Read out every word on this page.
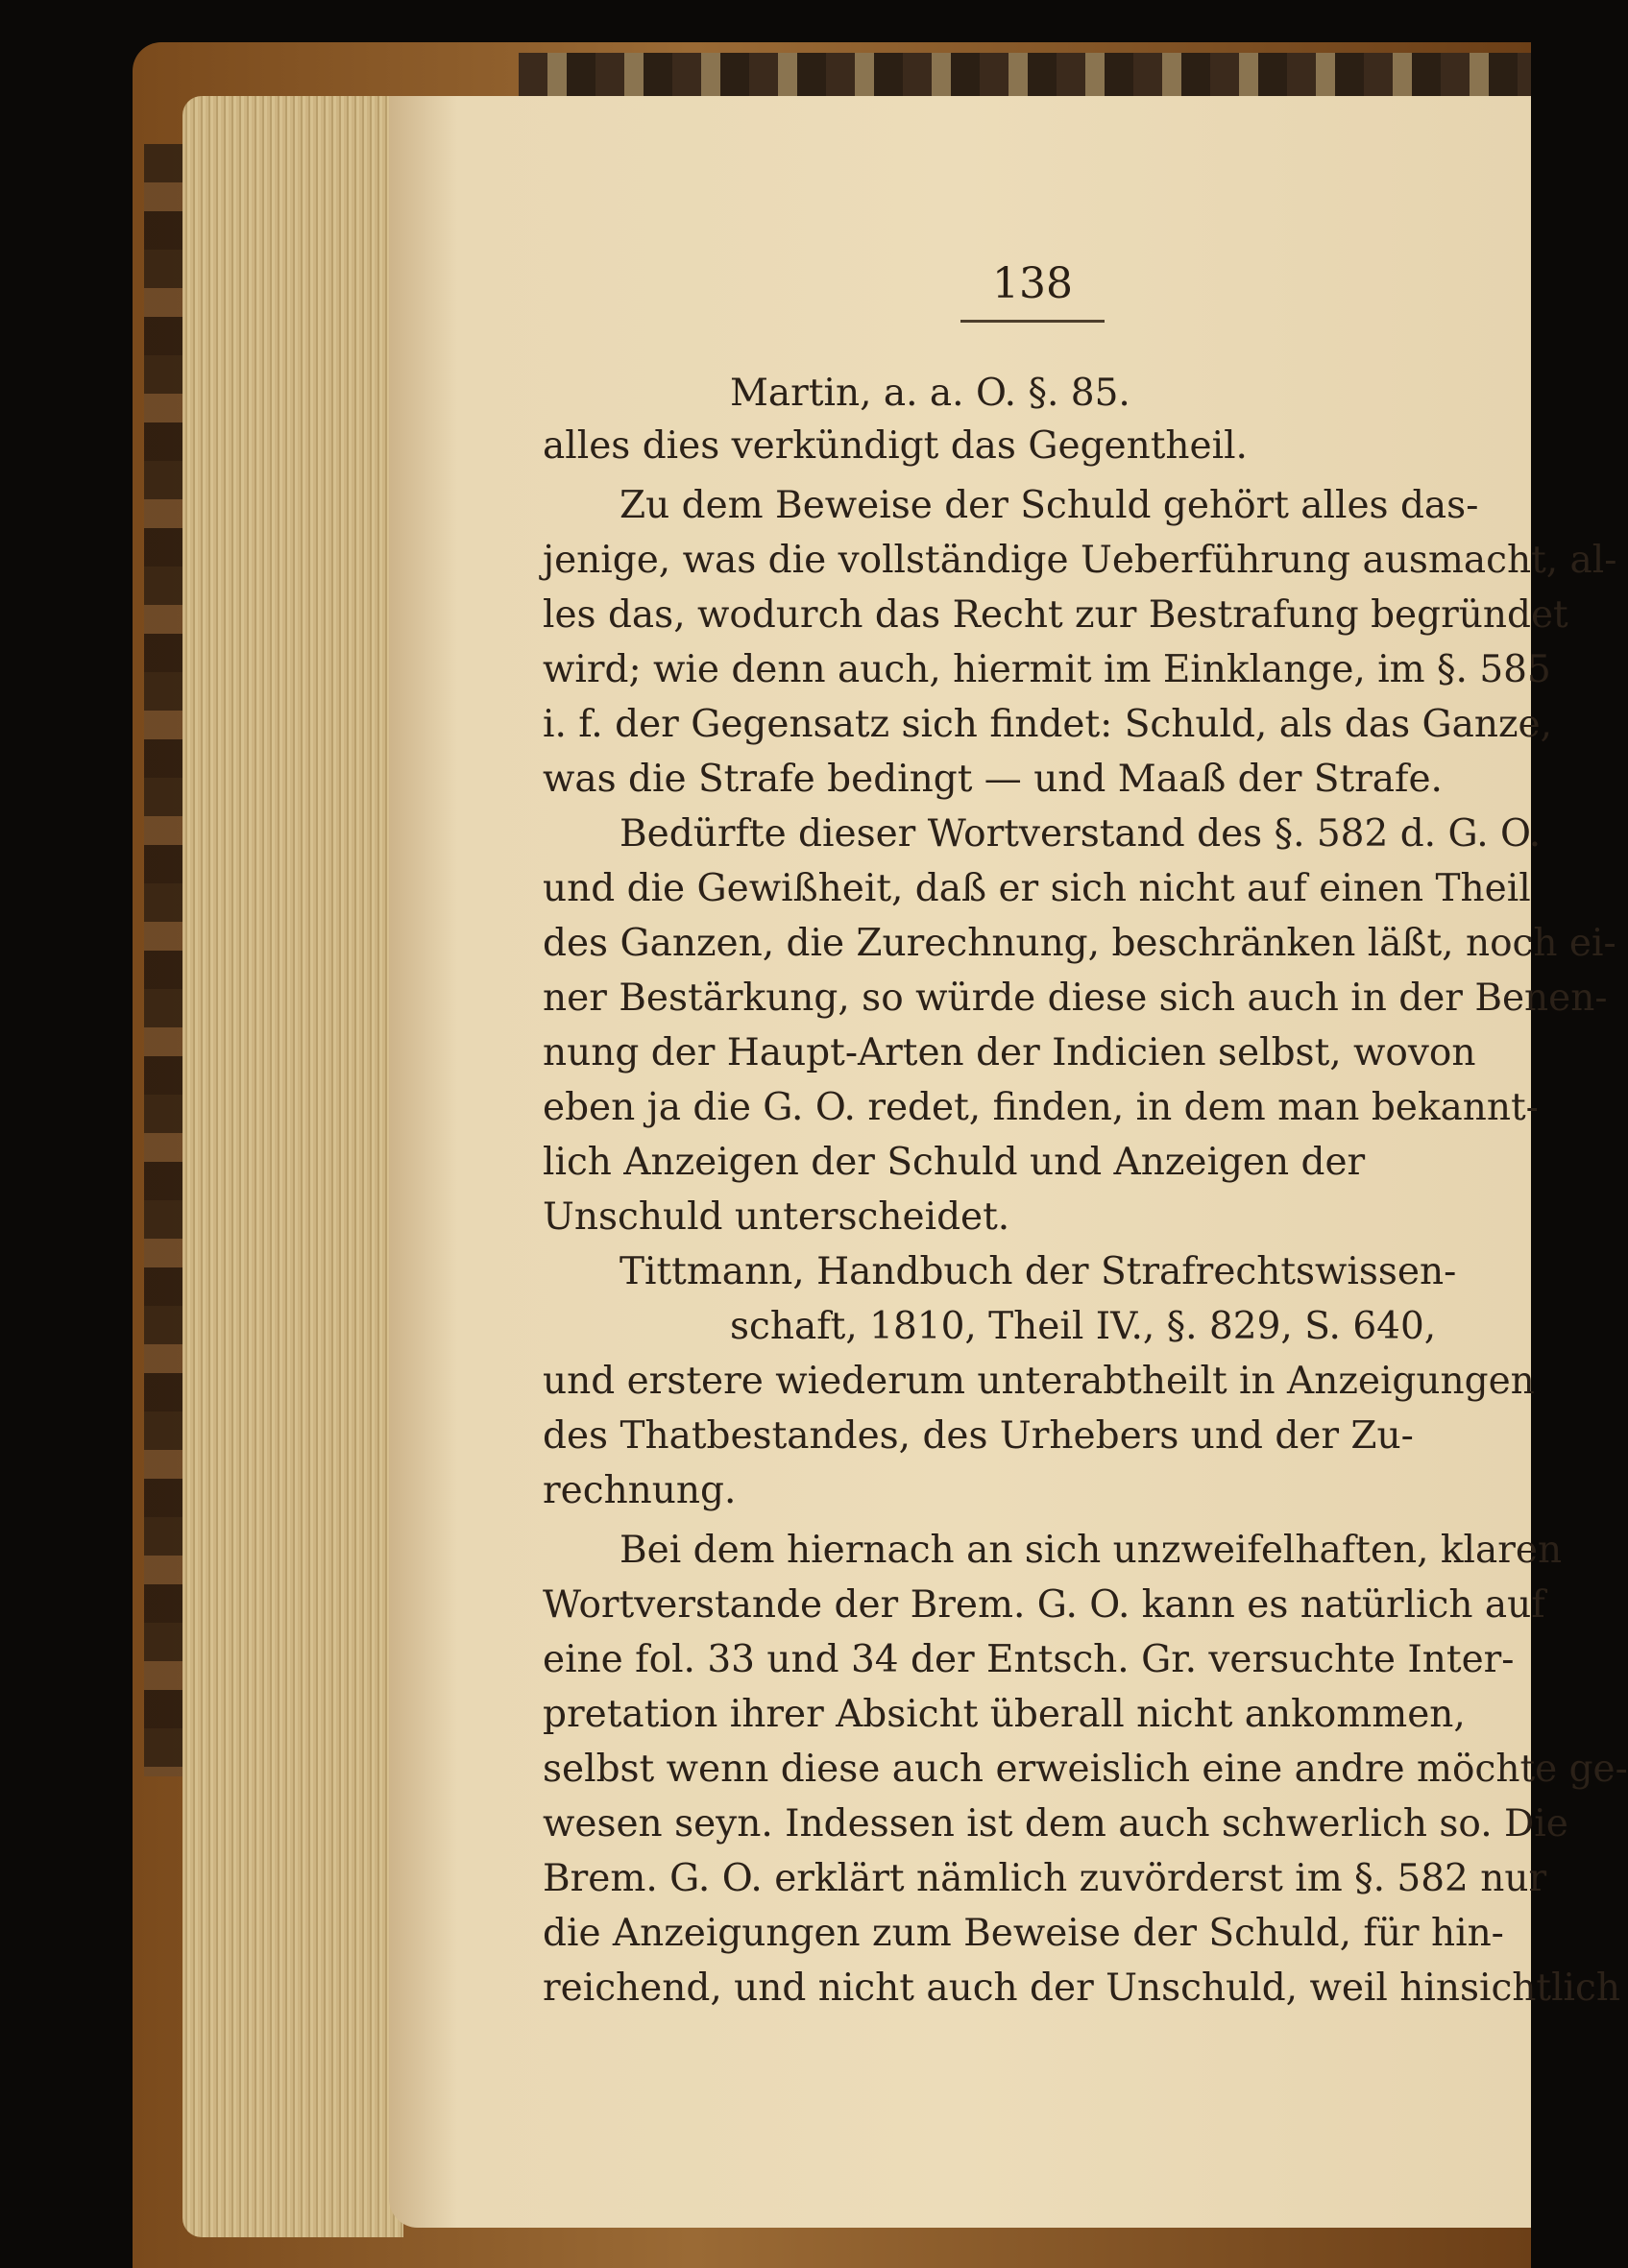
138
Martin, a. a. O. §. 85.
alles dies verkündigt das Gegentheil.
Zu dem Beweise der Schuld gehört alles das-
jenige, was die vollständige Ueberführung ausmacht, al-
les das, wodurch das Recht zur Bestrafung begründet
wird; wie denn auch, hiermit im Einklange, im §. 585
i. f. der Gegensatz sich findet: Schuld, als das Ganze,
was die Strafe bedingt — und Maaß der Strafe.
Bedürfte dieser Wortverstand des §. 582 d. G. O.
und die Gewißheit, daß er sich nicht auf einen Theil
des Ganzen, die Zurechnung, beschränken läßt, noch ei-
ner Bestärkung, so würde diese sich auch in der Benen-
nung der Haupt-Arten der Indicien selbst, wovon
eben ja die G. O. redet, finden, in dem man bekannt-
lich Anzeigen der Schuld und Anzeigen der
Unschuld unterscheidet.
Tittmann, Handbuch der Strafrechtswissen-
schaft, 1810, Theil IV., §. 829, S. 640,
und erstere wiederum unterabtheilt in Anzeigungen
des Thatbestandes, des Urhebers und der Zu-
rechnung.
Bei dem hiernach an sich unzweifelhaften, klaren
Wortverstande der Brem. G. O. kann es natürlich auf
eine fol. 33 und 34 der Entsch. Gr. versuchte Inter-
pretation ihrer Absicht überall nicht ankommen,
selbst wenn diese auch erweislich eine andre möchte ge-
wesen seyn. Indessen ist dem auch schwerlich so. Die
Brem. G. O. erklärt nämlich zuvörderst im §. 582 nur
die Anzeigungen zum Beweise der Schuld, für hin-
reichend, und nicht auch der Unschuld, weil hinsichtlich
